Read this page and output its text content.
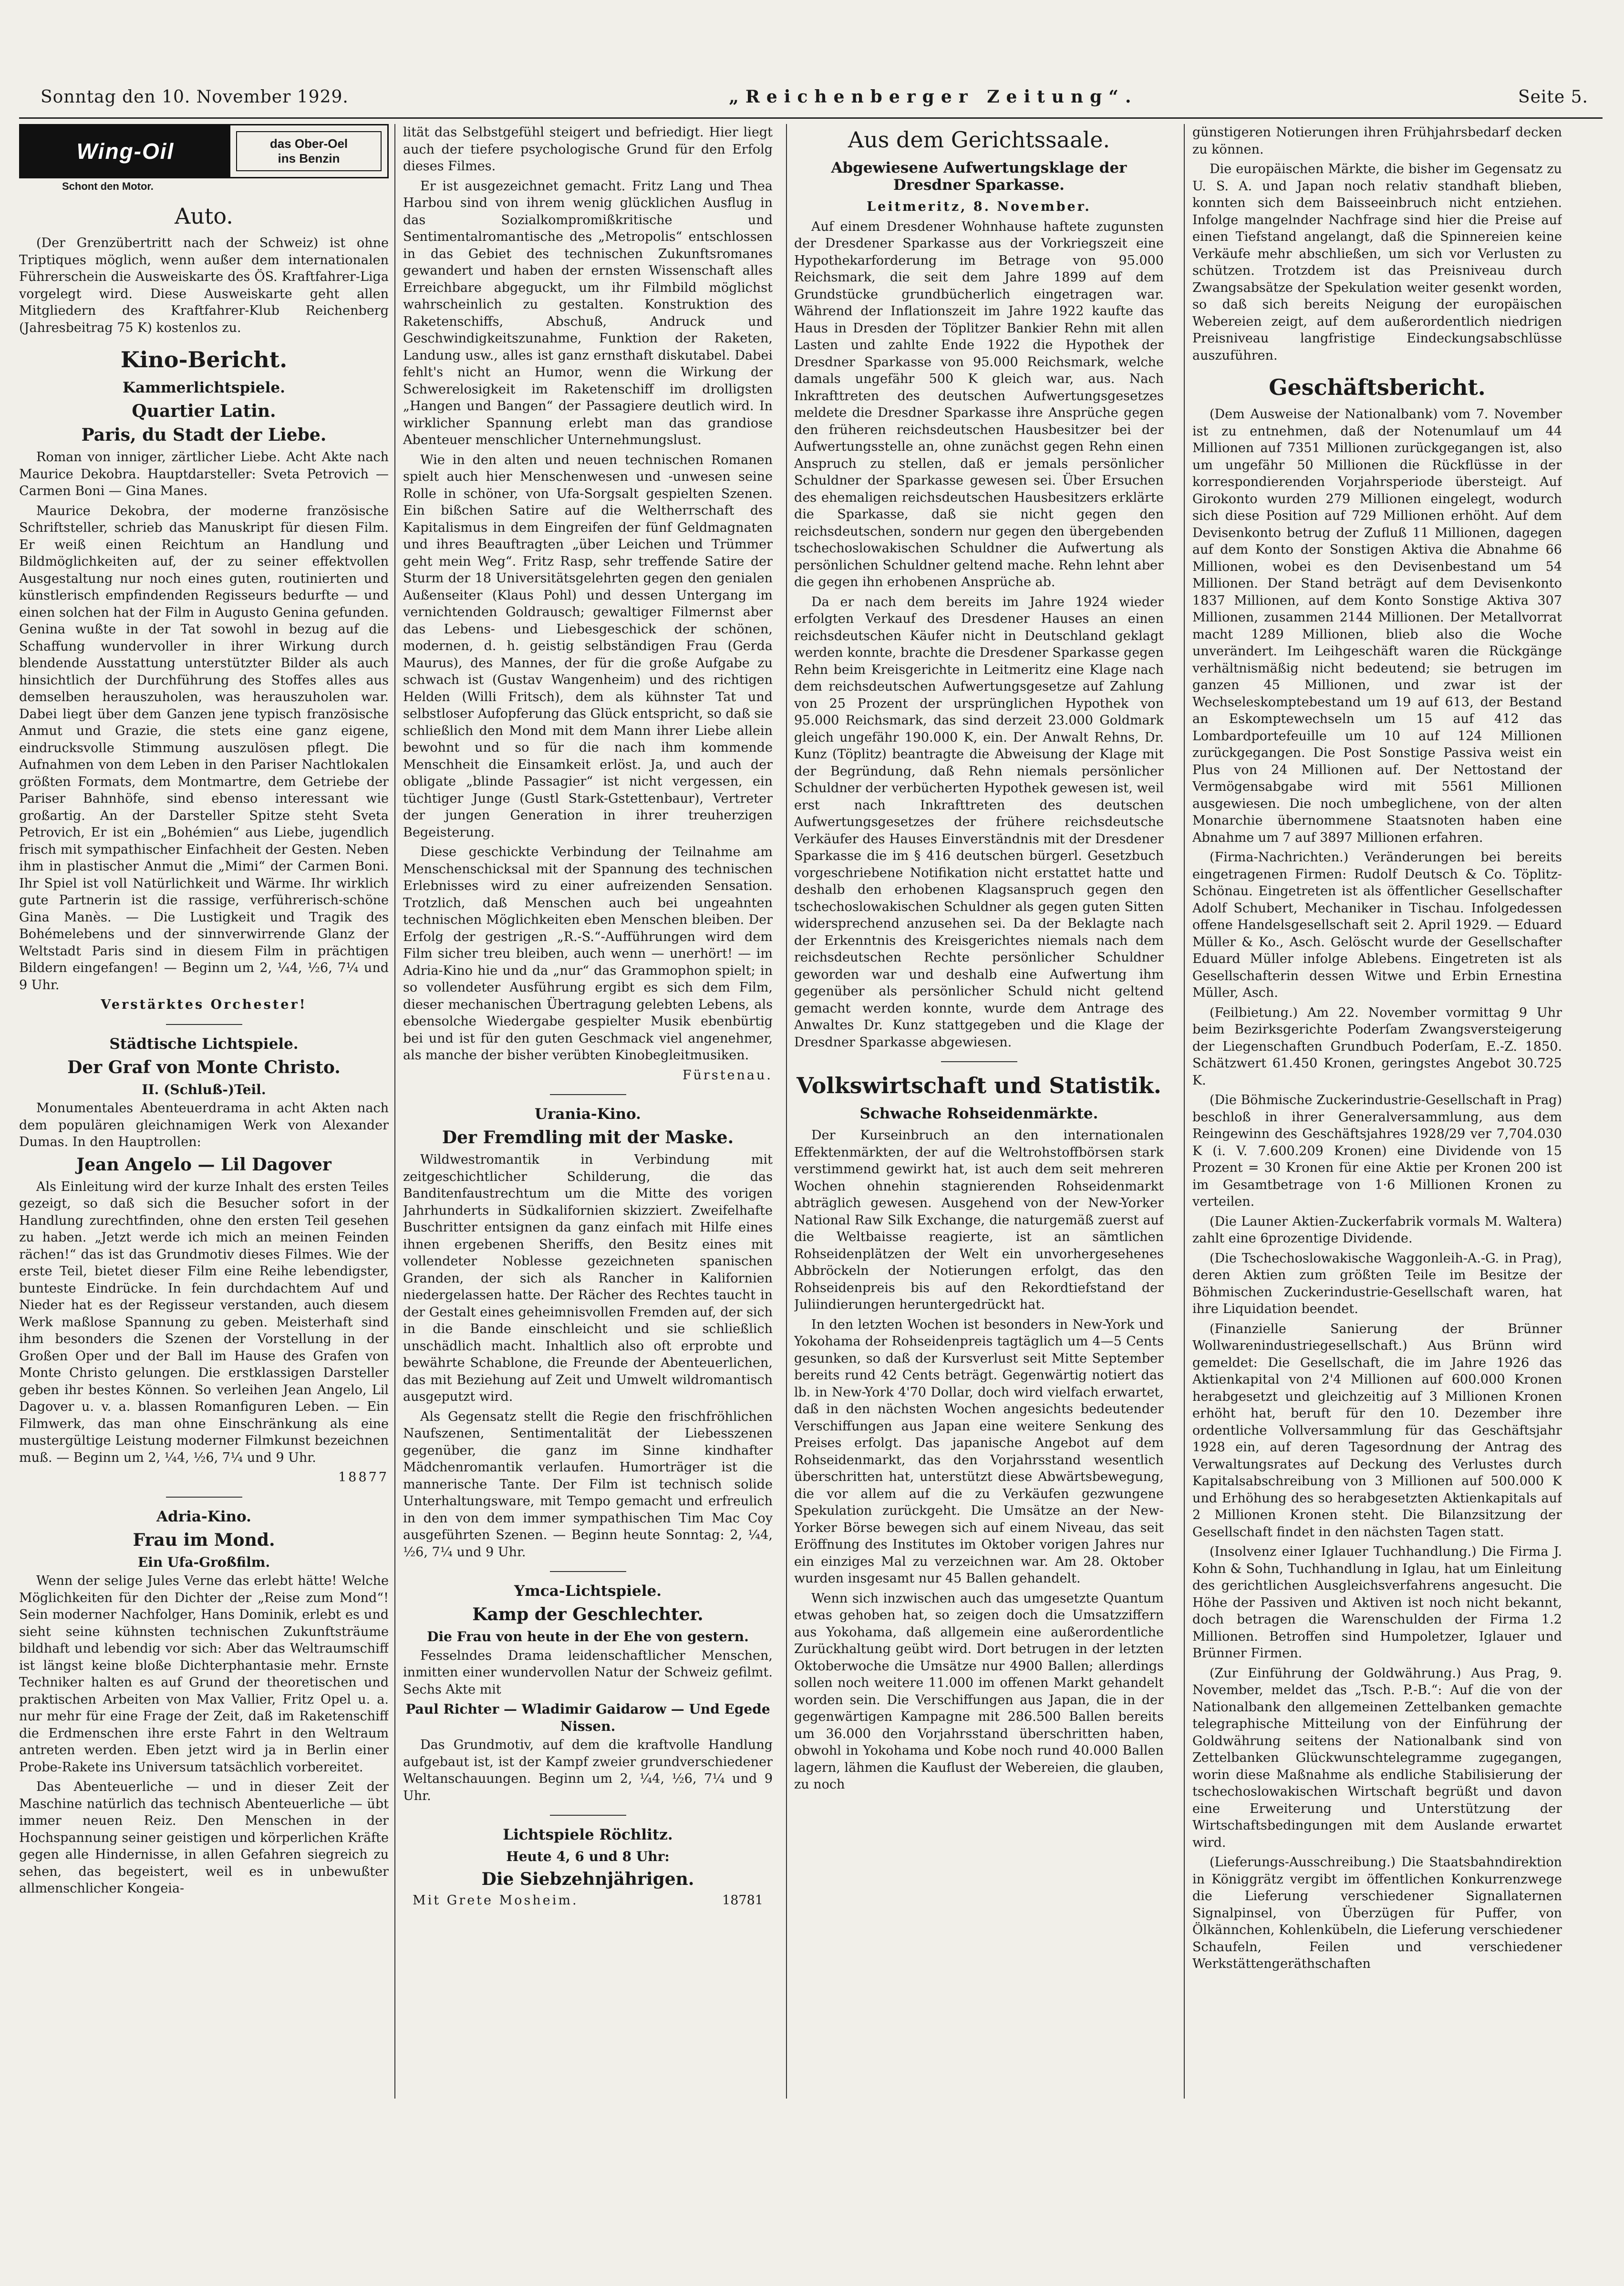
Sonntag den 10. November 1929.	„Reichenberger Zeitung“.	Seite 5.
Wing-Oil	das Ober-Oel
ins Benzin
Schont den Motor.
Auto.

(Der Grenzübertritt nach der Schweiz) ist ohne Triptiques möglich, wenn außer dem internationalen Führerschein die Ausweiskarte des ÖS. Kraftfahrer-Liga vorgelegt wird. Diese Ausweiskarte geht allen Mitgliedern des Kraftfahrer-Klub Reichenberg (Jahresbeitrag 75 K) kostenlos zu.

Kino-Bericht.
Kammerlichtspiele.
Quartier Latin.
Paris, du Stadt der Liebe.

Roman von inniger, zärtlicher Liebe. Acht Akte nach Maurice Dekobra. Hauptdarsteller: Sveta Petrovich — Carmen Boni — Gina Manes.

Maurice Dekobra, der moderne französische Schriftsteller, schrieb das Manuskript für diesen Film. Er weiß einen Reichtum an Handlung und Bildmöglichkeiten auf, der zu seiner effektvollen Ausgestaltung nur noch eines guten, routinierten und künstlerisch empfindenden Regisseurs bedurfte — und einen solchen hat der Film in Augusto Genina gefunden. Genina wußte in der Tat sowohl in bezug auf die Schaffung wundervoller in ihrer Wirkung durch blendende Ausstattung unterstützter Bilder als auch hinsichtlich der Durchführung des Stoffes alles aus demselben herauszuholen, was herauszuholen war. Dabei liegt über dem Ganzen jene typisch französische Anmut und Grazie, die stets eine ganz eigene, eindrucksvolle Stimmung auszulösen pflegt. Die Aufnahmen von dem Leben in den Pariser Nachtlokalen größten Formats, dem Montmartre, dem Getriebe der Pariser Bahnhöfe, sind ebenso interessant wie großartig. An der Darsteller Spitze steht Sveta Petrovich, Er ist ein „Bohémien“ aus Liebe, jugendlich frisch mit sympathischer Einfachheit der Gesten. Neben ihm in plastischer Anmut die „Mimi“ der Carmen Boni. Ihr Spiel ist voll Natürlichkeit und Wärme. Ihr wirklich gute Partnerin ist die rassige, verführerisch-schöne Gina Manès. — Die Lustigkeit und Tragik des Bohémelebens und der sinnverwirrende Glanz der Weltstadt Paris sind in diesem Film in prächtigen Bildern eingefangen! — Beginn um 2, ¼4, ½6, 7¼ und 9 Uhr.

Verstärktes Orchester!

Städtische Lichtspiele.
Der Graf von Monte Christo.

II. (Schluß-)Teil.

Monumentales Abenteuerdrama in acht Akten nach dem populären gleichnamigen Werk von Alexander Dumas. In den Hauptrollen:

Jean Angelo — Lil Dagover

Als Einleitung wird der kurze Inhalt des ersten Teiles gezeigt, so daß sich die Besucher sofort in der Handlung zurechtfinden, ohne den ersten Teil gesehen zu haben. „Jetzt werde ich mich an meinen Feinden rächen!“ das ist das Grundmotiv dieses Filmes. Wie der erste Teil, bietet dieser Film eine Reihe lebendigster, bunteste Eindrücke. In fein durchdachtem Auf und Nieder hat es der Regisseur verstanden, auch diesem Werk maßlose Spannung zu geben. Meisterhaft sind ihm besonders die Szenen der Vorstellung in der Großen Oper und der Ball im Hause des Grafen von Monte Christo gelungen. Die erstklassigen Darsteller geben ihr bestes Können. So verleihen Jean Angelo, Lil Dagover u. v. a. blassen Romanfiguren Leben. — Ein Filmwerk, das man ohne Einschränkung als eine mustergültige Leistung moderner Filmkunst bezeichnen muß. — Beginn um 2, ¼4, ½6, 7¼ und 9 Uhr.

18877

Adria-Kino.
Frau im Mond.

Ein Ufa-Großfilm.

Wenn der selige Jules Verne das erlebt hätte! Welche Möglichkeiten für den Dichter der „Reise zum Mond“! Sein moderner Nachfolger, Hans Dominik, erlebt es und sieht seine kühnsten technischen Zukunftsträume bildhaft und lebendig vor sich: Aber das Weltraumschiff ist längst keine bloße Dichterphantasie mehr. Ernste Techniker halten es auf Grund der theoretischen und praktischen Arbeiten von Max Vallier, Fritz Opel u. a. nur mehr für eine Frage der Zeit, daß im Raketenschiff die Erdmenschen ihre erste Fahrt in den Weltraum antreten werden. Eben jetzt wird ja in Berlin einer Probe-Rakete ins Universum tatsächlich vorbereitet.

Das Abenteuerliche — und in dieser Zeit der Maschine natürlich das technisch Abenteuerliche — übt immer neuen Reiz. Den Menschen in der Hochspannung seiner geistigen und körperlichen Kräfte gegen alle Hindernisse, in allen Gefahren siegreich zu sehen, das begeistert, weil es in unbewußter allmenschlicher Kongeia-

lität das Selbstgefühl steigert und befriedigt. Hier liegt auch der tiefere psychologische Grund für den Erfolg dieses Filmes.

Er ist ausgezeichnet gemacht. Fritz Lang und Thea Harbou sind von ihrem wenig glücklichen Ausflug in das Sozialkompromißkritische und Sentimentalromantische des „Metropolis“ entschlossen in das Gebiet des technischen Zukunftsromanes gewandert und haben der ernsten Wissenschaft alles Erreichbare abgeguckt, um ihr Filmbild möglichst wahrscheinlich zu gestalten. Konstruktion des Raketenschiffs, Abschuß, Andruck und Geschwindigkeitszunahme, Funktion der Raketen, Landung usw., alles ist ganz ernsthaft diskutabel. Dabei fehlt's nicht an Humor, wenn die Wirkung der Schwerelosigkeit im Raketenschiff im drolligsten „Hangen und Bangen“ der Passagiere deutlich wird. In wirklicher Spannung erlebt man das grandiose Abenteuer menschlicher Unternehmungslust.

Wie in den alten und neuen technischen Romanen spielt auch hier Menschenwesen und -unwesen seine Rolle in schöner, von Ufa-Sorgsalt gespielten Szenen. Ein bißchen Satire auf die Weltherrschaft des Kapitalismus in dem Eingreifen der fünf Geldmagnaten und ihres Beauftragten „über Leichen und Trümmer geht mein Weg“. Fritz Rasp, sehr treffende Satire der Sturm der 18 Universitätsgelehrten gegen den genialen Außenseiter (Klaus Pohl) und dessen Untergang im vernichtenden Goldrausch; gewaltiger Filmernst aber das Lebens- und Liebesgeschick der schönen, modernen, d. h. geistig selbständigen Frau (Gerda Maurus), des Mannes, der für die große Aufgabe zu schwach ist (Gustav Wangenheim) und des richtigen Helden (Willi Fritsch), dem als kühnster Tat und selbstloser Aufopferung das Glück entspricht, so daß sie schließlich den Mond mit dem Mann ihrer Liebe allein bewohnt und so für die nach ihm kommende Menschheit die Einsamkeit erlöst. Ja, und auch der obligate „blinde Passagier“ ist nicht vergessen, ein tüchtiger Junge (Gustl Stark-Gstettenbaur), Vertreter der jungen Generation in ihrer treuherzigen Begeisterung.

Diese geschickte Verbindung der Teilnahme am Menschenschicksal mit der Spannung des technischen Erlebnisses wird zu einer aufreizenden Sensation. Trotzlich, daß Menschen auch bei ungeahnten technischen Möglichkeiten eben Menschen bleiben. Der Erfolg der gestrigen „R.-S.“-Aufführungen wird dem Film sicher treu bleiben, auch wenn — unerhört! — im Adria-Kino hie und da „nur“ das Grammophon spielt; in so vollendeter Ausführung ergibt es sich dem Film, dieser mechanischen Übertragung gelebten Lebens, als ebensolche Wiedergabe gespielter Musik ebenbürtig bei und ist für den guten Geschmack viel angenehmer, als manche der bisher verübten Kinobegleitmusiken.

Fürstenau.

Urania-Kino.
Der Fremdling mit der Maske.

Wildwestromantik in Verbindung mit zeitgeschichtlicher Schilderung, die das Banditenfaustrechtum um die Mitte des vorigen Jahrhunderts in Südkalifornien skizziert. Zweifelhafte Buschritter entsignen da ganz einfach mit Hilfe eines ihnen ergebenen Sheriffs, den Besitz eines mit vollendeter Noblesse gezeichneten spanischen Granden, der sich als Rancher in Kalifornien niedergelassen hatte. Der Rächer des Rechtes taucht in der Gestalt eines geheimnisvollen Fremden auf, der sich in die Bande einschleicht und sie schließlich unschädlich macht. Inhaltlich also oft erprobte und bewährte Schablone, die Freunde der Abenteuerlichen, das mit Beziehung auf Zeit und Umwelt wildromantisch ausgeputzt wird.

Als Gegensatz stellt die Regie den frischfröhlichen Naufszenen, Sentimentalität der Liebesszenen gegenüber, die ganz im Sinne kindhafter Mädchenromantik verlaufen. Humorträger ist die mannerische Tante. Der Film ist technisch solide Unterhaltungsware, mit Tempo gemacht und erfreulich in den von dem immer sympathischen Tim Mac Coy ausgeführten Szenen. — Beginn heute Sonntag: 2, ¼4, ½6, 7¼ und 9 Uhr.

Ymca-Lichtspiele.
Kamp der Geschlechter.

Die Frau von heute in der Ehe von gestern.

Fesselndes Drama leidenschaftlicher Menschen, inmitten einer wundervollen Natur der Schweiz gefilmt. Sechs Akte mit

Paul Richter — Wladimir Gaidarow — Und Egede Nissen.

Das Grundmotiv, auf dem die kraftvolle Handlung aufgebaut ist, ist der Kampf zweier grundverschiedener Weltanschauungen. Beginn um 2, ¼4, ½6, 7¼ und 9 Uhr.

Lichtspiele Röchlitz.

Heute 4, 6 und 8 Uhr:

Die Siebzehnjährigen.
Mit Grete Mosheim.	18781
Aus dem Gerichtssaale.
Abgewiesene Aufwertungsklage der Dresdner Sparkasse.

Leitmeritz, 8. November.

Auf einem Dresdener Wohnhause haftete zugunsten der Dresdener Sparkasse aus der Vorkriegszeit eine Hypothekarforderung im Betrage von 95.000 Reichsmark, die seit dem Jahre 1899 auf dem Grundstücke grundbücherlich eingetragen war. Während der Inflationszeit im Jahre 1922 kaufte das Haus in Dresden der Töplitzer Bankier Rehn mit allen Lasten und zahlte Ende 1922 die Hypothek der Dresdner Sparkasse von 95.000 Reichsmark, welche damals ungefähr 500 K gleich war, aus. Nach Inkrafttreten des deutschen Aufwertungsgesetzes meldete die Dresdner Sparkasse ihre Ansprüche gegen den früheren reichsdeutschen Hausbesitzer bei der Aufwertungsstelle an, ohne zunächst gegen Rehn einen Anspruch zu stellen, daß er jemals persönlicher Schuldner der Sparkasse gewesen sei. Über Ersuchen des ehemaligen reichsdeutschen Hausbesitzers erklärte die Sparkasse, daß sie nicht gegen den reichsdeutschen, sondern nur gegen den übergebenden tschechoslowakischen Schuldner die Aufwertung als persönlichen Schuldner geltend mache. Rehn lehnt aber die gegen ihn erhobenen Ansprüche ab.

Da er nach dem bereits im Jahre 1924 wieder erfolgten Verkauf des Dresdener Hauses an einen reichsdeutschen Käufer nicht in Deutschland geklagt werden konnte, brachte die Dresdener Sparkasse gegen Rehn beim Kreisgerichte in Leitmeritz eine Klage nach dem reichsdeutschen Aufwertungsgesetze auf Zahlung von 25 Prozent der ursprünglichen Hypothek von 95.000 Reichsmark, das sind derzeit 23.000 Goldmark gleich ungefähr 190.000 K, ein. Der Anwalt Rehns, Dr. Kunz (Töplitz) beantragte die Abweisung der Klage mit der Begründung, daß Rehn niemals persönlicher Schuldner der verbücherten Hypothek gewesen ist, weil erst nach Inkrafttreten des deutschen Aufwertungsgesetzes der frühere reichsdeutsche Verkäufer des Hauses Einverständnis mit der Dresdener Sparkasse die im § 416 deutschen bürgerl. Gesetzbuch vorgeschriebene Notifikation nicht erstattet hatte und deshalb den erhobenen Klagsanspruch gegen den tschechoslowakischen Schuldner als gegen guten Sitten widersprechend anzusehen sei. Da der Beklagte nach der Erkenntnis des Kreisgerichtes niemals nach dem reichsdeutschen Rechte persönlicher Schuldner geworden war und deshalb eine Aufwertung ihm gegenüber als persönlicher Schuld nicht geltend gemacht werden konnte, wurde dem Antrage des Anwaltes Dr. Kunz stattgegeben und die Klage der Dresdner Sparkasse abgewiesen.

Volkswirtschaft und Statistik.
Schwache Rohseidenmärkte.

Der Kurseinbruch an den internationalen Effektenmärkten, der auf die Weltrohstoffbörsen stark verstimmend gewirkt hat, ist auch dem seit mehreren Wochen ohnehin stagnierenden Rohseidenmarkt abträglich gewesen. Ausgehend von der New-Yorker National Raw Silk Exchange, die naturgemäß zuerst auf die Weltbaisse reagierte, ist an sämtlichen Rohseidenplätzen der Welt ein unvorhergesehenes Abbröckeln der Notierungen erfolgt, das den Rohseidenpreis bis auf den Rekordtiefstand der Juliindierungen heruntergedrückt hat.

In den letzten Wochen ist besonders in New-York und Yokohama der Rohseidenpreis tagtäglich um 4—5 Cents gesunken, so daß der Kursverlust seit Mitte September bereits rund 42 Cents beträgt. Gegenwärtig notiert das lb. in New-York 4'70 Dollar, doch wird vielfach erwartet, daß in den nächsten Wochen angesichts bedeutender Verschiffungen aus Japan eine weitere Senkung des Preises erfolgt. Das japanische Angebot auf dem Rohseidenmarkt, das den Vorjahrsstand wesentlich überschritten hat, unterstützt diese Abwärtsbewegung, die vor allem auf die zu Verkäufen gezwungene Spekulation zurückgeht. Die Umsätze an der New-Yorker Börse bewegen sich auf einem Niveau, das seit Eröffnung des Institutes im Oktober vorigen Jahres nur ein einziges Mal zu verzeichnen war. Am 28. Oktober wurden insgesamt nur 45 Ballen gehandelt.

Wenn sich inzwischen auch das umgesetzte Quantum etwas gehoben hat, so zeigen doch die Umsatzziffern aus Yokohama, daß allgemein eine außerordentliche Zurückhaltung geübt wird. Dort betrugen in der letzten Oktoberwoche die Umsätze nur 4900 Ballen; allerdings sollen noch weitere 11.000 im offenen Markt gehandelt worden sein. Die Verschiffungen aus Japan, die in der gegenwärtigen Kampagne mit 286.500 Ballen bereits um 36.000 den Vorjahrsstand überschritten haben, obwohl in Yokohama und Kobe noch rund 40.000 Ballen lagern, lähmen die Kauflust der Webereien, die glauben, zu noch

günstigeren Notierungen ihren Frühjahrsbedarf decken zu können.

Die europäischen Märkte, die bisher im Gegensatz zu U. S. A. und Japan noch relativ standhaft blieben, konnten sich dem Baisseeinbruch nicht entziehen. Infolge mangelnder Nachfrage sind hier die Preise auf einen Tiefstand angelangt, daß die Spinnereien keine Verkäufe mehr abschließen, um sich vor Verlusten zu schützen. Trotzdem ist das Preisniveau durch Zwangsabsätze der Spekulation weiter gesenkt worden, so daß sich bereits Neigung der europäischen Webereien zeigt, auf dem außerordentlich niedrigen Preisniveau langfristige Eindeckungsabschlüsse auszuführen.

Geschäftsbericht.

(Dem Ausweise der Nationalbank) vom 7. November ist zu entnehmen, daß der Notenumlauf um 44 Millionen auf 7351 Millionen zurückgegangen ist, also um ungefähr 50 Millionen die Rückflüsse in der korrespondierenden Vorjahrsperiode übersteigt. Auf Girokonto wurden 279 Millionen eingelegt, wodurch sich diese Position auf 729 Millionen erhöht. Auf dem Devisenkonto betrug der Zufluß 11 Millionen, dagegen auf dem Konto der Sonstigen Aktiva die Abnahme 66 Millionen, wobei es den Devisenbestand um 54 Millionen. Der Stand beträgt auf dem Devisenkonto 1837 Millionen, auf dem Konto Sonstige Aktiva 307 Millionen, zusammen 2144 Millionen. Der Metallvorrat macht 1289 Millionen, blieb also die Woche unverändert. Im Leihgeschäft waren die Rückgänge verhältnismäßig nicht bedeutend; sie betrugen im ganzen 45 Millionen, und zwar ist der Wechseleskomptebestand um 19 auf 613, der Bestand an Eskomptewechseln um 15 auf 412 das Lombardportefeuille um 10 auf 124 Millionen zurückgegangen. Die Post Sonstige Passiva weist ein Plus von 24 Millionen auf. Der Nettostand der Vermögensabgabe wird mit 5561 Millionen ausgewiesen. Die noch umbeglichene, von der alten Monarchie übernommene Staatsnoten haben eine Abnahme um 7 auf 3897 Millionen erfahren.

(Firma-Nachrichten.) Veränderungen bei bereits eingetragenen Firmen: Rudolf Deutsch & Co. Töplitz-Schönau. Eingetreten ist als öffentlicher Gesellschafter Adolf Schubert, Mechaniker in Tischau. Infolgedessen offene Handelsgesellschaft seit 2. April 1929. — Eduard Müller & Ko., Asch. Gelöscht wurde der Gesellschafter Eduard Müller infolge Ablebens. Eingetreten ist als Gesellschafterin dessen Witwe und Erbin Ernestina Müller, Asch.

(Feilbietung.) Am 22. November vormittag 9 Uhr beim Bezirksgerichte Poderſam Zwangsversteigerung der Liegenschaften Grundbuch Poderſam, E.-Z. 1850. Schätzwert 61.450 Kronen, geringstes Angebot 30.725 K.

(Die Böhmische Zuckerindustrie-Gesellschaft in Prag) beschloß in ihrer Generalversammlung, aus dem Reingewinn des Geschäftsjahres 1928/29 ver 7,704.030 K (i. V. 7.600.209 Kronen) eine Dividende von 15 Prozent = 30 Kronen für eine Aktie per Kronen 200 ist im Gesamtbetrage von 1·6 Millionen Kronen zu verteilen.

(Die Launer Aktien-Zuckerfabrik vormals M. Waltera) zahlt eine 6prozentige Dividende.

(Die Tschechoslowakische Waggonleih-A.-G. in Prag), deren Aktien zum größten Teile im Besitze der Böhmischen Zuckerindustrie-Gesellschaft waren, hat ihre Liquidation beendet.

(Finanzielle Sanierung der Brünner Wollwarenindustriegesellschaft.) Aus Brünn wird gemeldet: Die Gesellschaft, die im Jahre 1926 das Aktienkapital von 2'4 Millionen auf 600.000 Kronen herabgesetzt und gleichzeitig auf 3 Millionen Kronen erhöht hat, beruft für den 10. Dezember ihre ordentliche Vollversammlung für das Geschäftsjahr 1928 ein, auf deren Tagesordnung der Antrag des Verwaltungsrates auf Deckung des Verlustes durch Kapitalsabschreibung von 3 Millionen auf 500.000 K und Erhöhung des so herabgesetzten Aktienkapitals auf 2 Millionen Kronen steht. Die Bilanzsitzung der Gesellschaft findet in den nächsten Tagen statt.

(Insolvenz einer Iglauer Tuchhandlung.) Die Firma J. Kohn & Sohn, Tuchhandlung in Iglau, hat um Einleitung des gerichtlichen Ausgleichsverfahrens angesucht. Die Höhe der Passiven und Aktiven ist noch nicht bekannt, doch betragen die Warenschulden der Firma 1.2 Millionen. Betroffen sind Humpoletzer, Iglauer und Brünner Firmen.

(Zur Einführung der Goldwährung.) Aus Prag, 9. November, meldet das „Tsch. P.-B.“: Auf die von der Nationalbank den allgemeinen Zettelbanken gemachte telegraphische Mitteilung von der Einführung der Goldwährung seitens der Nationalbank sind von Zettelbanken Glückwunschtelegramme zugegangen, worin diese Maßnahme als endliche Stabilisierung der tschechoslowakischen Wirtschaft begrüßt und davon eine Erweiterung und Unterstützung der Wirtschaftsbedingungen mit dem Auslande erwartet wird.

(Lieferungs-Ausschreibung.) Die Staatsbahndirektion in Königgrätz vergibt im öffentlichen Konkurrenzwege die Lieferung verschiedener Signallaternen Signalpinsel, von Überzügen für Puffer, von Ölkännchen, Kohlenkübeln, die Lieferung verschiedener Schaufeln, Feilen und verschiedener Werkstättengeräthschaften
